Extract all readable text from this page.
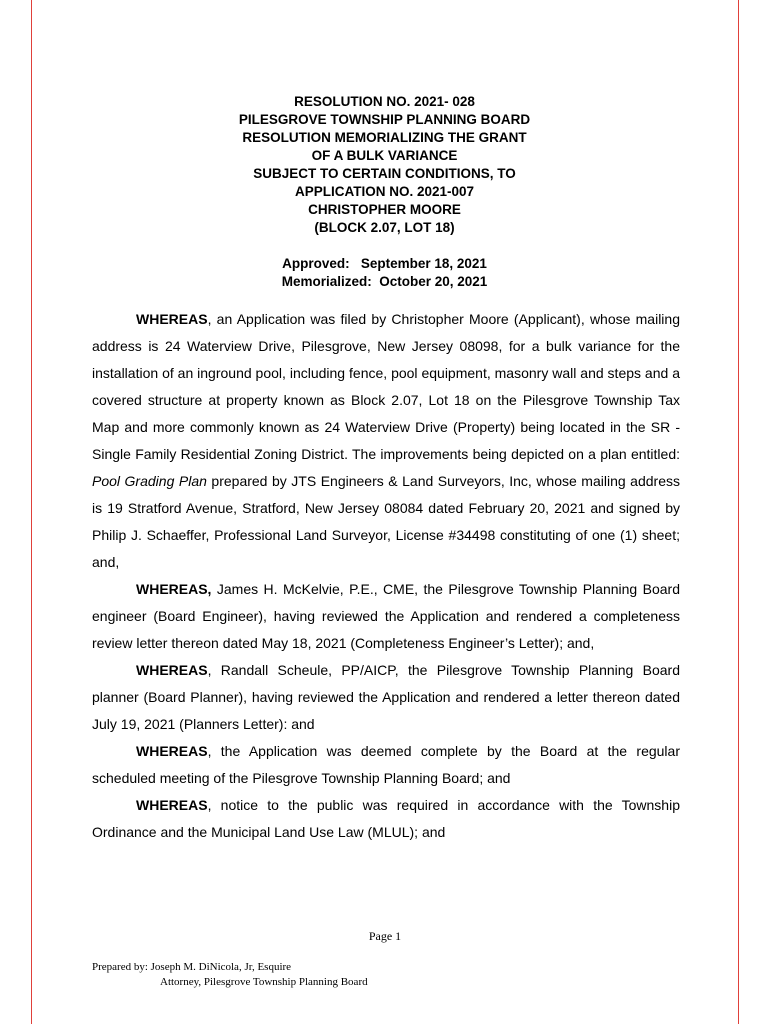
RESOLUTION NO. 2021- 028
PILESGROVE TOWNSHIP PLANNING BOARD
RESOLUTION MEMORIALIZING THE GRANT
OF A BULK VARIANCE
SUBJECT TO CERTAIN CONDITIONS, TO
APPLICATION NO. 2021-007
CHRISTOPHER MOORE
(BLOCK 2.07, LOT 18)
Approved:   September 18, 2021
Memorialized:  October 20, 2021

WHEREAS, an Application was filed by Christopher Moore (Applicant), whose mailing address is 24 Waterview Drive, Pilesgrove, New Jersey 08098, for a bulk variance for the installation of an inground pool, including fence, pool equipment, masonry wall and steps and a covered structure at property known as Block 2.07, Lot 18 on the Pilesgrove Township Tax Map and more commonly known as 24 Waterview Drive (Property) being located in the SR - Single Family Residential Zoning District. The improvements being depicted on a plan entitled: Pool Grading Plan prepared by JTS Engineers & Land Surveyors, Inc, whose mailing address is 19 Stratford Avenue, Stratford, New Jersey 08084 dated February 20, 2021 and signed by Philip J. Schaeffer, Professional Land Surveyor, License #34498 constituting of one (1) sheet; and,

WHEREAS, James H. McKelvie, P.E., CME, the Pilesgrove Township Planning Board engineer (Board Engineer), having reviewed the Application and rendered a completeness review letter thereon dated May 18, 2021 (Completeness Engineer’s Letter); and,

WHEREAS, Randall Scheule, PP/AICP, the Pilesgrove Township Planning Board planner (Board Planner), having reviewed the Application and rendered a letter thereon dated July 19, 2021 (Planners Letter): and

WHEREAS, the Application was deemed complete by the Board at the regular scheduled meeting of the Pilesgrove Township Planning Board; and

WHEREAS, notice to the public was required in accordance with the Township Ordinance and the Municipal Land Use Law (MLUL); and

Page 1
Prepared by: Joseph M. DiNicola, Jr, Esquire
Attorney, Pilesgrove Township Planning Board
